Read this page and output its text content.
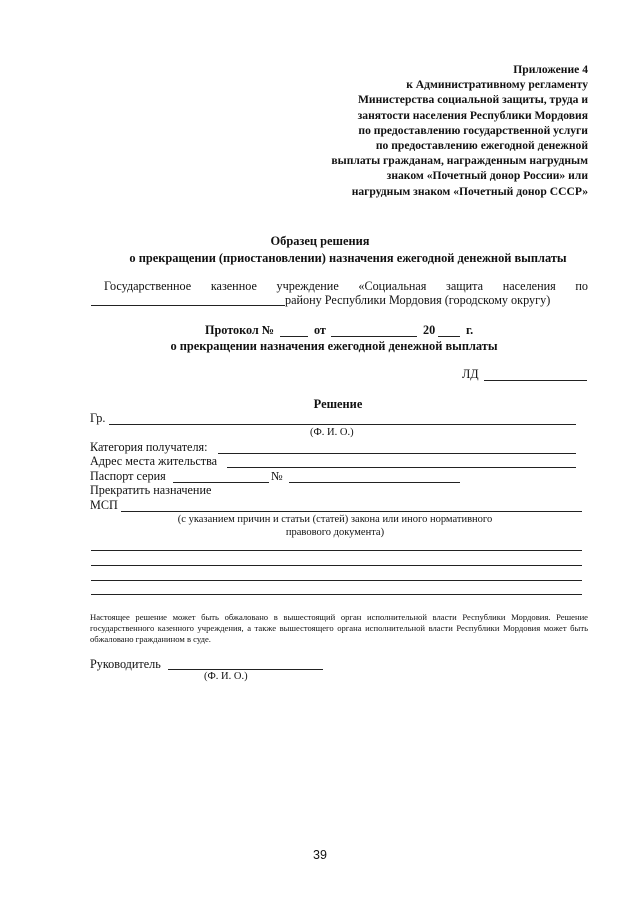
Приложение 4
к Административному регламенту
Министерства социальной защиты, труда и
занятости населения Республики Мордовия
по предоставлению государственной услуги
по предоставлению ежегодной денежной
выплаты гражданам, награжденным нагрудным
знаком «Почетный донор России» или
нагрудным знаком «Почетный донор СССР»
Образец решения
о прекращении (приостановлении) назначения ежегодной денежной выплаты
Государственное казенное учреждение «Социальная защита населения по
району Республики Мордовия (городскому округу)
Протокол №	от	20	г.
о прекращении назначения ежегодной денежной выплаты
ЛД
Решение
Гр.
(Ф. И. О.)
Категория получателя:
Адрес места жительства
Паспорт серия	№
Прекратить назначение
МСП
(с указанием причин и статьи (статей) закона или иного нормативного
правового документа)
Настоящее решение может быть обжаловано в вышестоящий орган исполнительной власти Республики Мордовия. Решение государственного казенного учреждения, а также вышестоящего органа исполнительной власти Республики Мордовия может быть обжаловано гражданином в суде.
Руководитель
(Ф. И. О.)
39
